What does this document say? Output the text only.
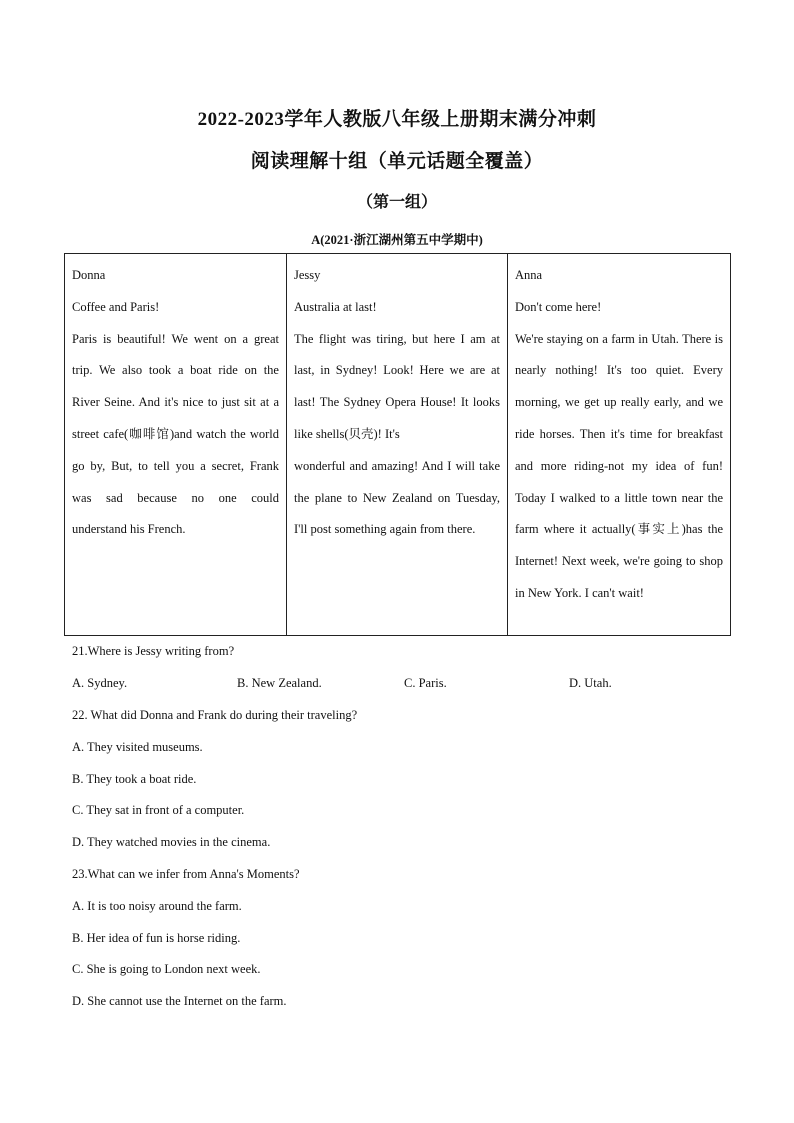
2022-2023学年人教版八年级上册期末满分冲刺
阅读理解十组（单元话题全覆盖）
（第一组）
A(2021·浙江湖州第五中学期中)
Donna
Coffee and Paris!
Paris is beautiful! We went on a great trip. We also took a boat ride on the River Seine. And it's nice to just sit at a street cafe(咖啡馆)and watch the world go by, But, to tell you a secret, Frank was sad because no one could understand his French.

Jessy
Australia at last!
The flight was tiring, but here I am at last, in Sydney! Look! Here we are at last! The Sydney Opera House! It looks like shells(贝壳)! It's
wonderful and amazing! And I will take the plane to New Zealand on Tuesday, I'll post something again from there.

Anna
Don't come here!
We're staying on a farm in Utah. There is nearly nothing! It's too quiet. Every morning, we get up really early, and we ride horses. Then it's time for breakfast and more riding-not my idea of fun! Today I walked to a little town near the farm where it actually(事实上)has the Internet! Next week, we're going to shop in New York. I can't wait!
21.Where is Jessy writing from?
A. Sydney.	B. New Zealand.	C. Paris.	D. Utah.
22. What did Donna and Frank do during their traveling?
A. They visited museums.
B. They took a boat ride.
C. They sat in front of a computer.
D. They watched movies in the cinema.
23.What can we infer from Anna's Moments?
A. It is too noisy around the farm.
B. Her idea of fun is horse riding.
C. She is going to London next week.
D. She cannot use the Internet on the farm.
